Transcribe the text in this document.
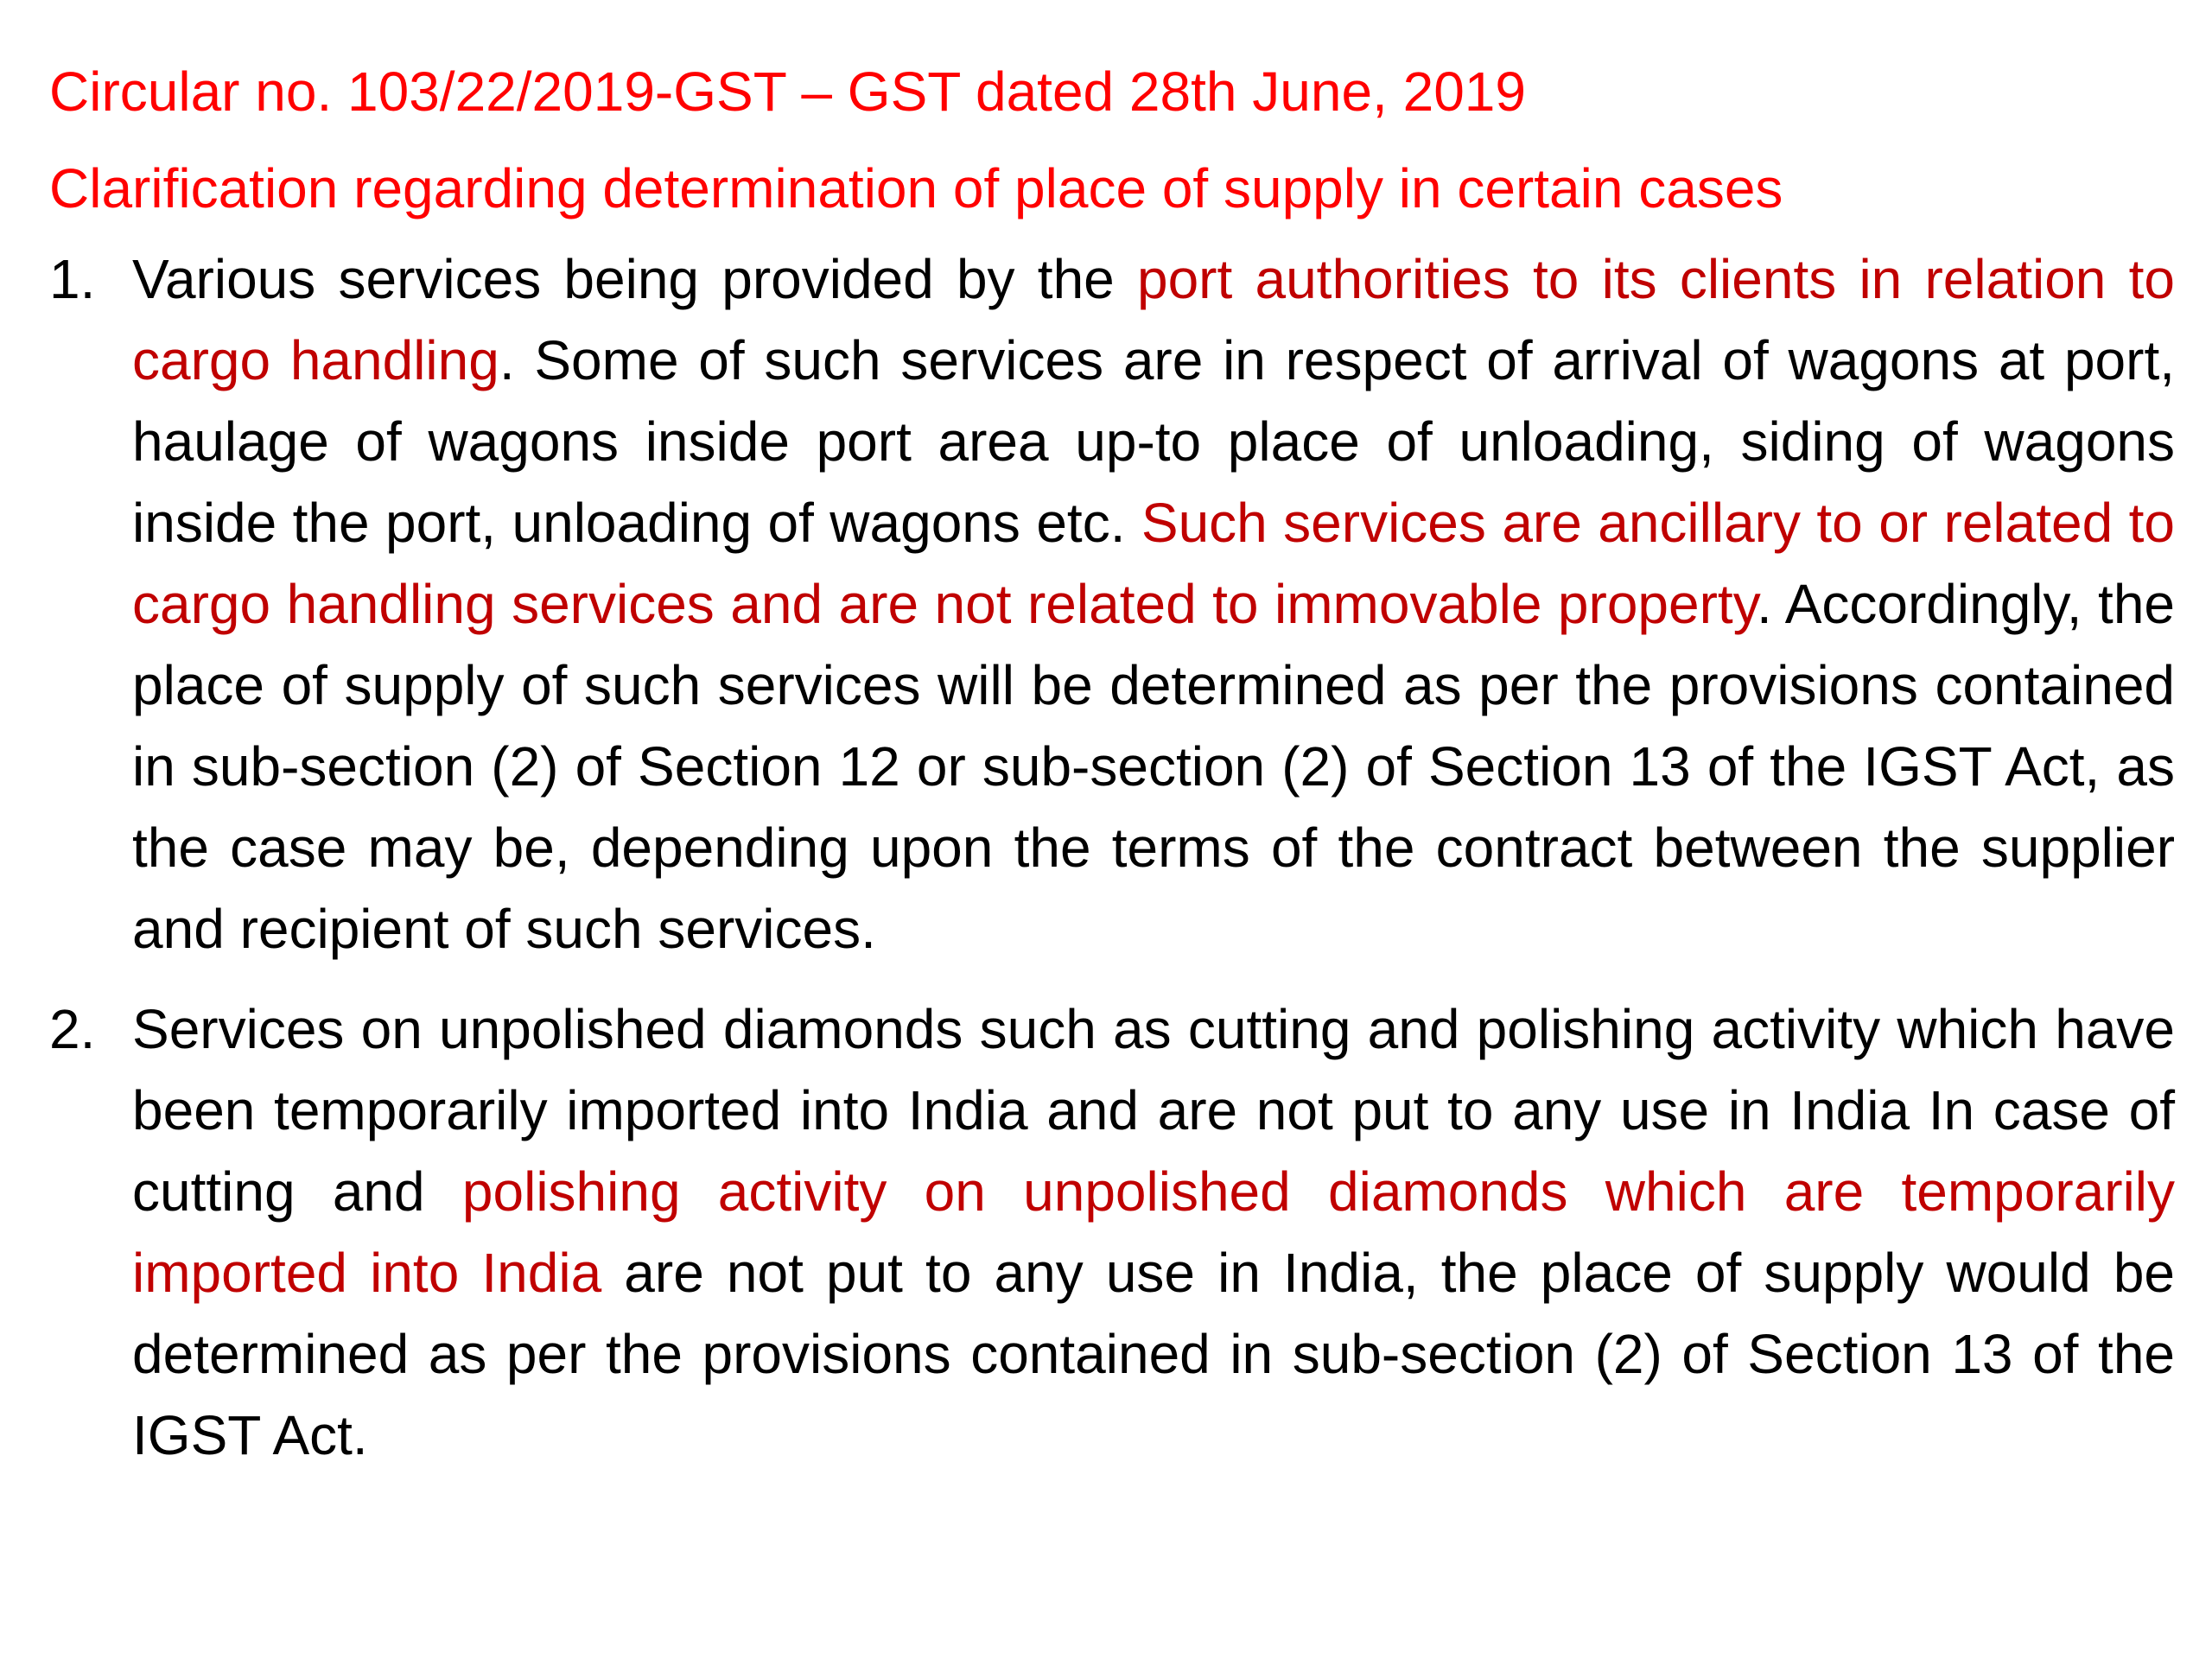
Circular no. 103/22/2019-GST – GST dated 28th June, 2019
Clarification regarding determination of place of supply in certain cases
1. Various services being provided by the port authorities to its clients in relation to cargo handling. Some of such services are in respect of arrival of wagons at port, haulage of wagons inside port area up-to place of unloading, siding of wagons inside the port, unloading of wagons etc. Such services are ancillary to or related to cargo handling services and are not related to immovable property. Accordingly, the place of supply of such services will be determined as per the provisions contained in sub-section (2) of Section 12 or sub-section (2) of Section 13 of the IGST Act, as the case may be, depending upon the terms of the contract between the supplier and recipient of such services.
2. Services on unpolished diamonds such as cutting and polishing activity which have been temporarily imported into India and are not put to any use in India In case of cutting and polishing activity on unpolished diamonds which are temporarily imported into India are not put to any use in India, the place of supply would be determined as per the provisions contained in sub-section (2) of Section 13 of the IGST Act.
